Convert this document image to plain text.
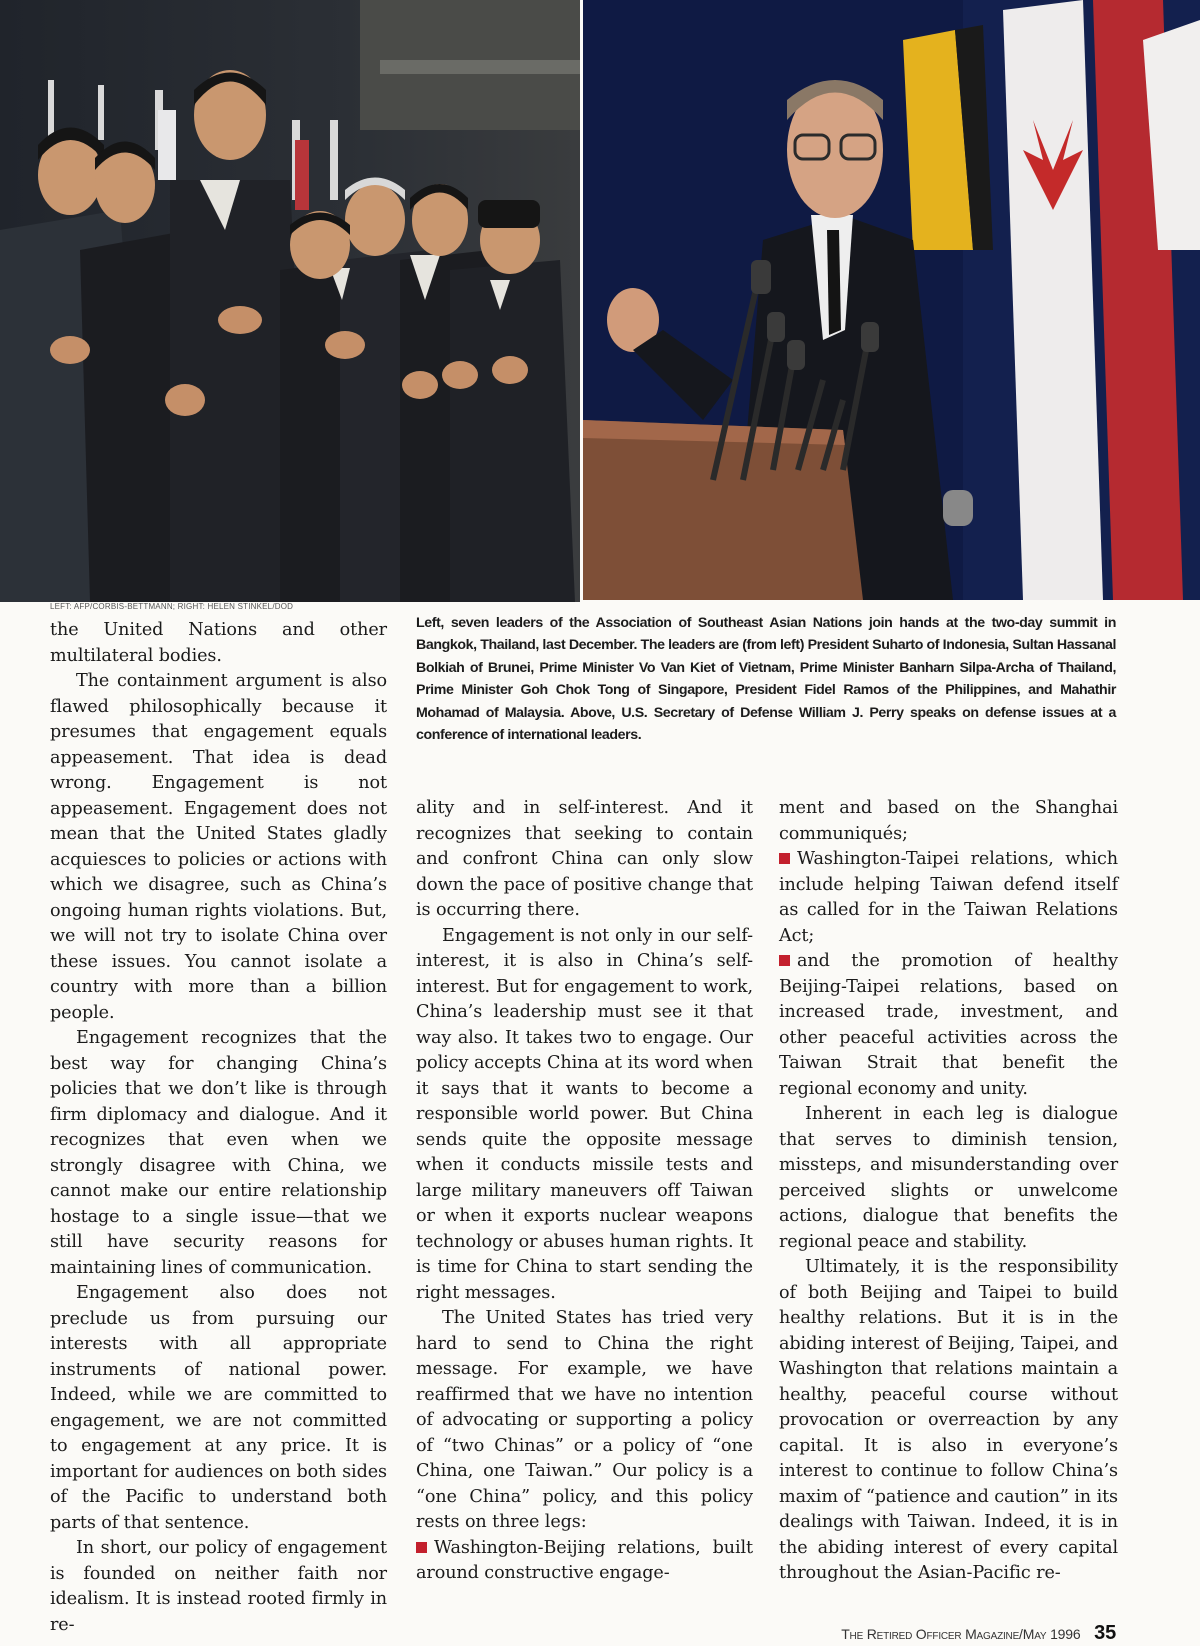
LEFT: AFP/CORBIS-BETTMANN; RIGHT: HELEN STINKEL/DOD
Left, seven leaders of the Association of Southeast Asian Nations join hands at the two-day summit in Bangkok, Thailand, last December. The leaders are (from left) President Suharto of Indonesia, Sultan Hassanal Bolkiah of Brunei, Prime Minister Vo Van Kiet of Vietnam, Prime Minister Banharn Silpa-Archa of Thailand, Prime Minister Goh Chok Tong of Singapore, President Fidel Ramos of the Philippines, and Mahathir Mohamad of Malaysia. Above, U.S. Secretary of Defense William J. Perry speaks on defense issues at a conference of international leaders.

the United Nations and other multilateral bodies.

The containment argument is also flawed philosophically because it presumes that engagement equals appeasement. That idea is dead wrong. Engagement is not appeasement. Engagement does not mean that the United States gladly acquiesces to policies or actions with which we disagree, such as China’s ongoing human rights violations. But, we will not try to isolate China over these issues. You cannot isolate a country with more than a billion people.

Engagement recognizes that the best way for changing China’s policies that we don’t like is through firm diplomacy and dialogue. And it recognizes that even when we strongly disagree with China, we cannot make our entire relationship hostage to a single issue—that we still have security reasons for maintaining lines of communication.

Engagement also does not preclude us from pursuing our interests with all appropriate instruments of national power. Indeed, while we are committed to engagement, we are not committed to engagement at any price. It is important for audiences on both sides of the Pacific to understand both parts of that sentence.

In short, our policy of engagement is founded on neither faith nor idealism. It is instead rooted firmly in re-

ality and in self-interest. And it recognizes that seeking to contain and confront China can only slow down the pace of positive change that is occurring there.

Engagement is not only in our self-interest, it is also in China’s self-interest. But for engagement to work, China’s leadership must see it that way also. It takes two to engage. Our policy accepts China at its word when it says that it wants to become a responsible world power. But China sends quite the opposite message when it conducts missile tests and large military maneuvers off Taiwan or when it exports nuclear weapons technology or abuses human rights. It is time for China to start sending the right messages.

The United States has tried very hard to send to China the right message. For example, we have reaffirmed that we have no intention of advocating or supporting a policy of “two Chinas” or a policy of “one China, one Taiwan.” Our policy is a “one China” policy, and this policy rests on three legs:

Washington-Beijing relations, built around constructive engage-

ment and based on the Shanghai communiqués;

Washington-Taipei relations, which include helping Taiwan defend itself as called for in the Taiwan Relations Act;

and the promotion of healthy Beijing-Taipei relations, based on increased trade, investment, and other peaceful activities across the Taiwan Strait that benefit the regional economy and unity.

Inherent in each leg is dialogue that serves to diminish tension, missteps, and misunderstanding over perceived slights or unwelcome actions, dialogue that benefits the regional peace and stability.

Ultimately, it is the responsibility of both Beijing and Taipei to build healthy relations. But it is in the abiding interest of Beijing, Taipei, and Washington that relations maintain a healthy, peaceful course without provocation or overreaction by any capital. It is also in everyone’s interest to continue to follow China’s maxim of “patience and caution” in its dealings with Taiwan. Indeed, it is in the abiding interest of every capital throughout the Asian-Pacific re-

The Retired Officer Magazine/May 1996 35
